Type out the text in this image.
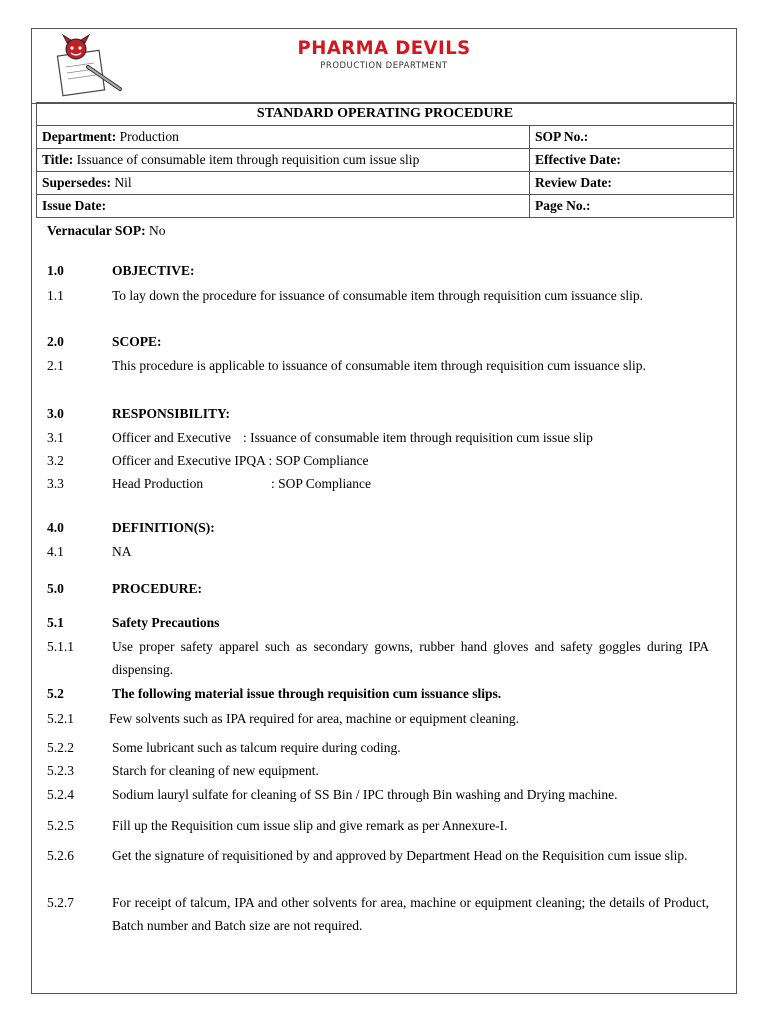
PHARMA DEVILS
PRODUCTION DEPARTMENT
STANDARD OPERATING PROCEDURE	
Department: Production	SOP No.:
Title: Issuance of consumable item through requisition cum issue slip	Effective Date:
Supersedes: Nil	Review Date:
Issue Date:	Page No.:
Vernacular SOP: No
1.0	OBJECTIVE:
1.1	To lay down the procedure for issuance of consumable item through requisition cum issuance slip.
2.0	SCOPE:
2.1	This procedure is applicable to issuance of consumable item through requisition cum issuance slip.
3.0	RESPONSIBILITY:
3.1	Officer and Executive : Issuance of consumable item through requisition cum issue slip
3.2	Officer and Executive IPQA : SOP Compliance
3.3	Head Production	: SOP Compliance
4.0	DEFINITION(S):
4.1	NA
5.0	PROCEDURE:
5.1	Safety Precautions
5.1.1	Use proper safety apparel such as secondary gowns, rubber hand gloves and safety goggles during IPA dispensing.
5.2	The following material issue through requisition cum issuance slips.
5.2.1	Few solvents such as IPA required for area, machine or equipment cleaning.
5.2.2	Some lubricant such as talcum require during coding.
5.2.3	Starch for cleaning of new equipment.
5.2.4	Sodium lauryl sulfate for cleaning of SS Bin / IPC through Bin washing and Drying machine.
5.2.5	Fill up the Requisition cum issue slip and give remark as per Annexure-I.
5.2.6	Get the signature of requisitioned by and approved by Department Head on the Requisition cum issue slip.
5.2.7	For receipt of talcum, IPA and other solvents for area, machine or equipment cleaning; the details of Product, Batch number and Batch size are not required.
